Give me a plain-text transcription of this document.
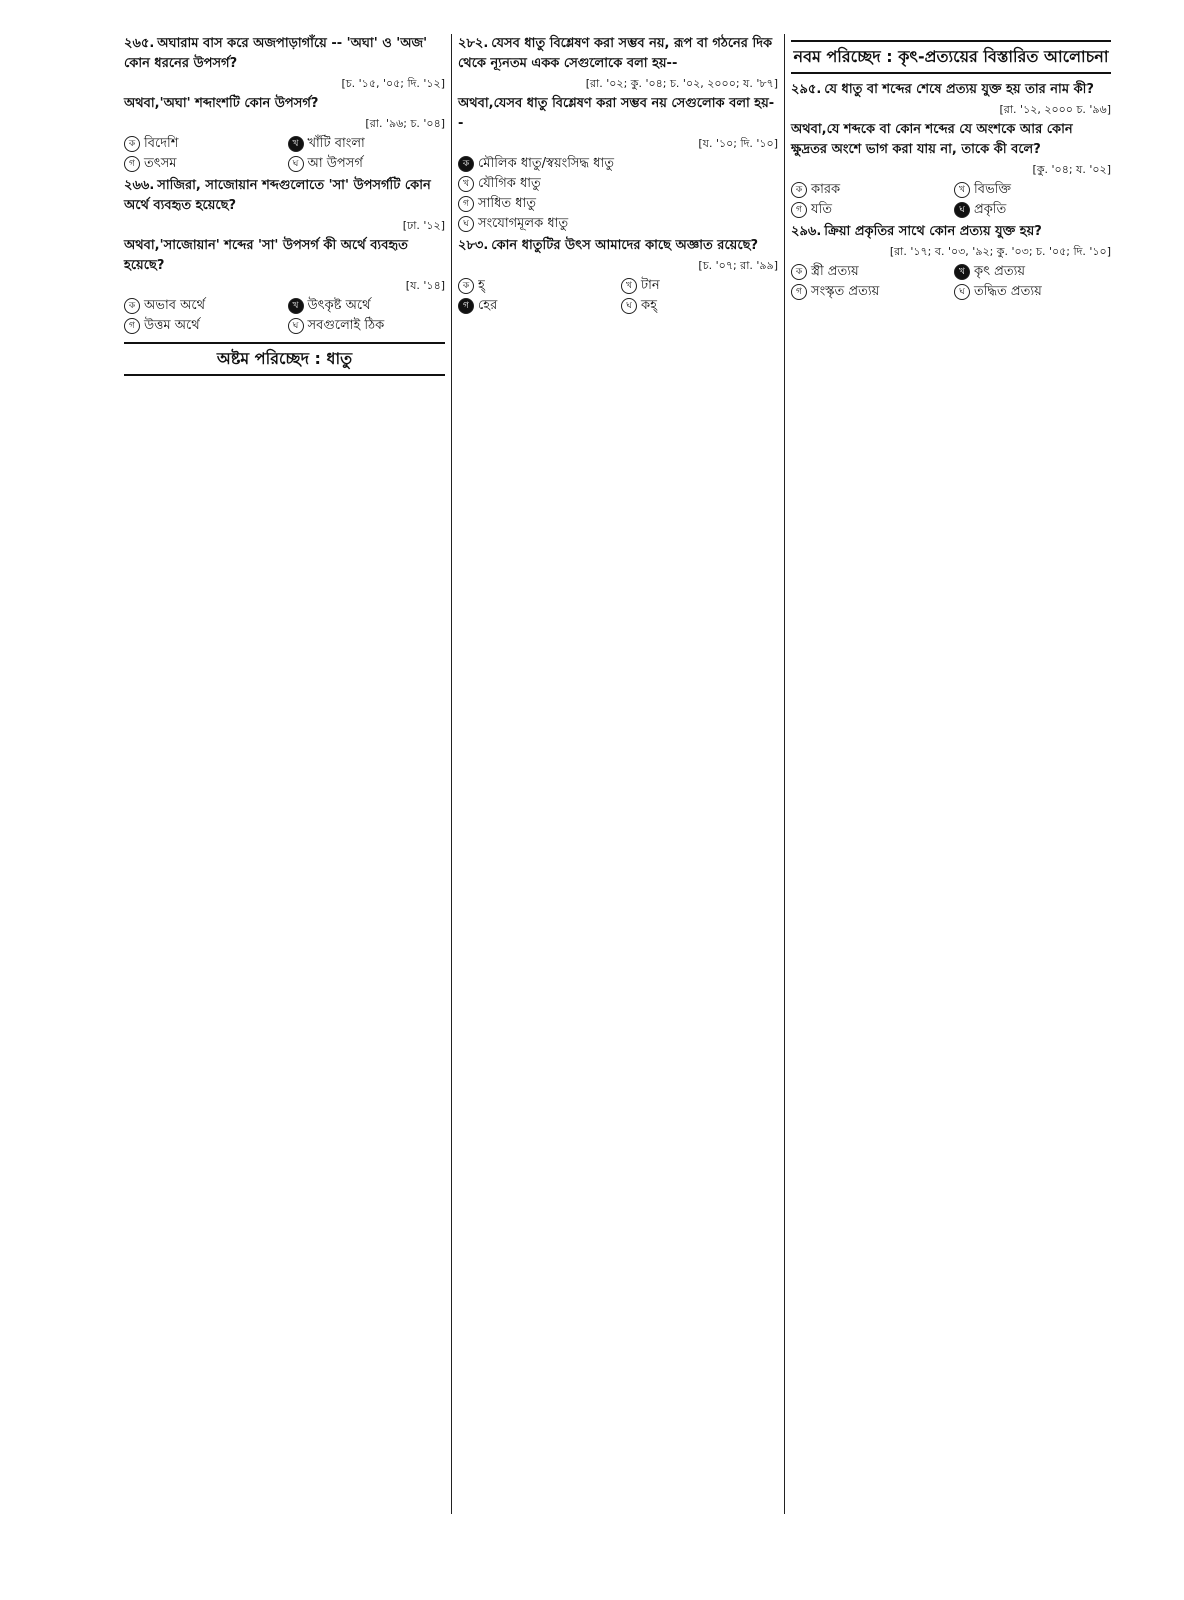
২৬৫. অঘারাম বাস করে অজপাড়াগাঁয়ে -- 'অঘা' ও 'অজ' কোন ধরনের উপসর্গ?
[চ. '১৫, '০৫; দি. '১২]
অথবা,'অঘা' শব্দাংশটি কোন উপসর্গ?
[রা. '৯৬; চ. '০৪]
ক বিদেশি	খ খাঁটি বাংলা
গ তৎসম	ঘ আ উপসর্গ
২৬৬. সাজিরা, সাজোয়ান শব্দগুলোতে 'সা' উপসর্গটি কোন অর্থে ব্যবহৃত হয়েছে?
[ঢা. '১২]
অথবা,'সাজোয়ান' শব্দের 'সা' উপসর্গ কী অর্থে ব্যবহৃত হয়েছে?
[য. '১৪]
ক অভাব অর্থে	খ উৎকৃষ্ট অর্থে
গ উত্তম অর্থে	ঘ সবগুলোই ঠিক
অষ্টম পরিচ্ছেদ : ধাতু
২৮২. যেসব ধাতু বিশ্লেষণ করা সম্ভব নয়, রূপ বা গঠনের দিক থেকে ন্যূনতম একক সেগুলোকে বলা হয়--
[রা. '০২; কু. '০৪; চ. '০২, ২০০০; য. '৮৭]
অথবা,যেসব ধাতু বিশ্লেষণ করা সম্ভব নয় সেগুলোক বলা হয়--
[য. '১০; দি. '১০]
ক মৌলিক ধাতু/স্বয়ংসিদ্ধ ধাতু
খ যৌগিক ধাতু
গ সাধিত ধাতু
ঘ সংযোগমূলক ধাতু
২৮৩. কোন ধাতুটির উৎস আমাদের কাছে অজ্ঞাত রয়েছে?
[চ. '০৭; রা. '৯৯]
ক হ্	খ টান
গ হের	ঘ কহ্
নবম পরিচ্ছেদ : কৃৎ-প্রত্যয়ের বিস্তারিত আলোচনা
২৯৫. যে ধাতু বা শব্দের শেষে প্রত্যয় যুক্ত হয় তার নাম কী?
[রা. '১২, ২০০০ চ. '৯৬]
অথবা,যে শব্দকে বা কোন শব্দের যে অংশকে আর কোন ক্ষুদ্রতর অংশে ভাগ করা যায় না, তাকে কী বলে?
[কু. '০৪; য. '০২]
ক কারক	খ বিভক্তি
গ যতি	ঘ প্রকৃতি
২৯৬. ক্রিয়া প্রকৃতির সাথে কোন প্রত্যয় যুক্ত হয়?
[রা. '১৭; ব. '০৩, '৯২; কু. '০৩; চ. '০৫; দি. '১০]
ক স্ত্রী প্রত্যয়	খ কৃৎ প্রত্যয়
গ সংস্কৃত প্রত্যয়	ঘ তদ্ধিত প্রত্যয়
